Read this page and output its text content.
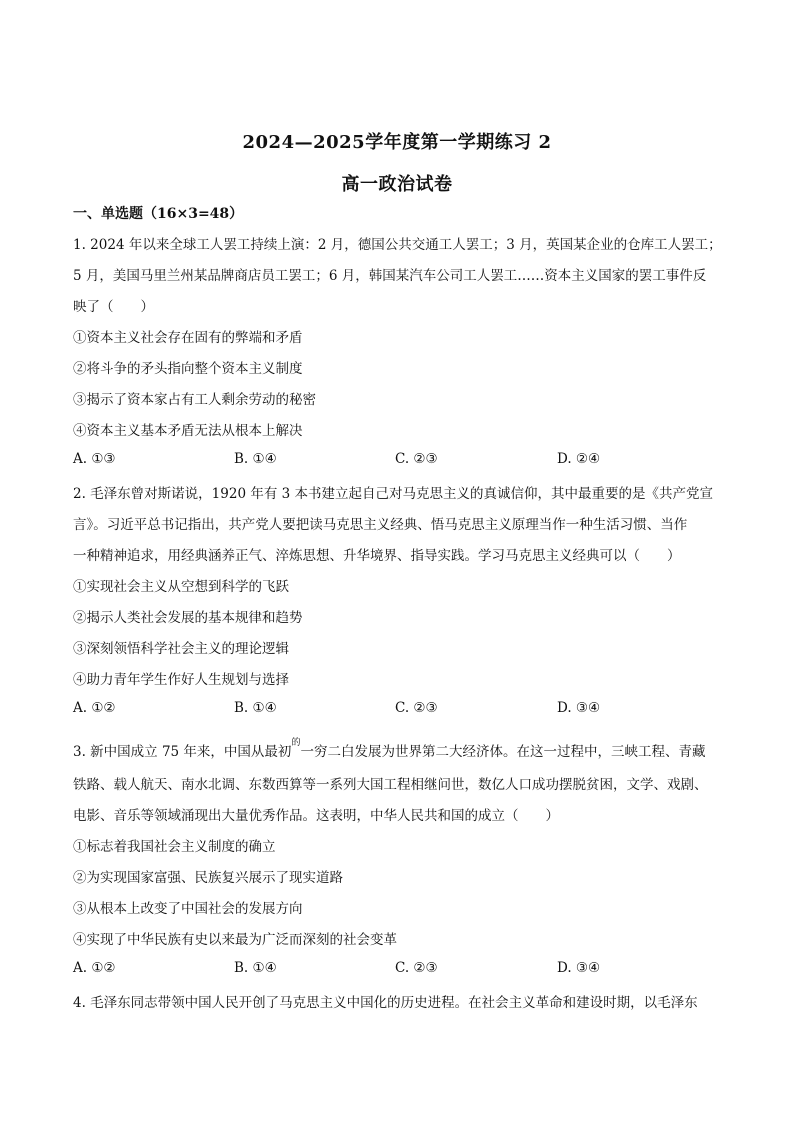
2024—2025学年度第一学期练习 2
高一政治试卷
一、单选题（16×3=48）
1. 2024 年以来全球工人罢工持续上演：2 月，德国公共交通工人罢工；3 月，英国某企业的仓库工人罢工；
5 月，美国马里兰州某品牌商店员工罢工；6 月，韩国某汽车公司工人罢工……资本主义国家的罢工事件反
映了（　　）
①资本主义社会存在固有的弊端和矛盾
②将斗争的矛头指向整个资本主义制度
③揭示了资本家占有工人剩余劳动的秘密
④资本主义基本矛盾无法从根本上解决
A. ①③	B. ①④	C. ②③	D. ②④
2. 毛泽东曾对斯诺说，1920 年有 3 本书建立起自己对马克思主义的真诚信仰，其中最重要的是《共产党宣
言》。习近平总书记指出，共产党人要把读马克思主义经典、悟马克思主义原理当作一种生活习惯、当作
一种精神追求，用经典涵养正气、淬炼思想、升华境界、指导实践。学习马克思主义经典可以（　　）
①实现社会主义从空想到科学的飞跃
②揭示人类社会发展的基本规律和趋势
③深刻领悟科学社会主义的理论逻辑
④助力青年学生作好人生规划与选择
A. ①②	B. ①④	C. ②③	D. ③④
3. 新中国成立 75 年来，中国从最初$^的$一穷二白发展为世界第二大经济体。在这一过程中，三峡工程、青藏
铁路、载人航天、南水北调、东数西算等一系列大国工程相继问世，数亿人口成功摆脱贫困，文学、戏剧、
电影、音乐等领域涌现出大量优秀作品。这表明，中华人民共和国的成立（　　）
①标志着我国社会主义制度的确立
②为实现国家富强、民族复兴展示了现实道路
③从根本上改变了中国社会的发展方向
④实现了中华民族有史以来最为广泛而深刻的社会变革
A. ①②	B. ①④	C. ②③	D. ③④
4. 毛泽东同志带领中国人民开创了马克思主义中国化的历史进程。在社会主义革命和建设时期，以毛泽东
